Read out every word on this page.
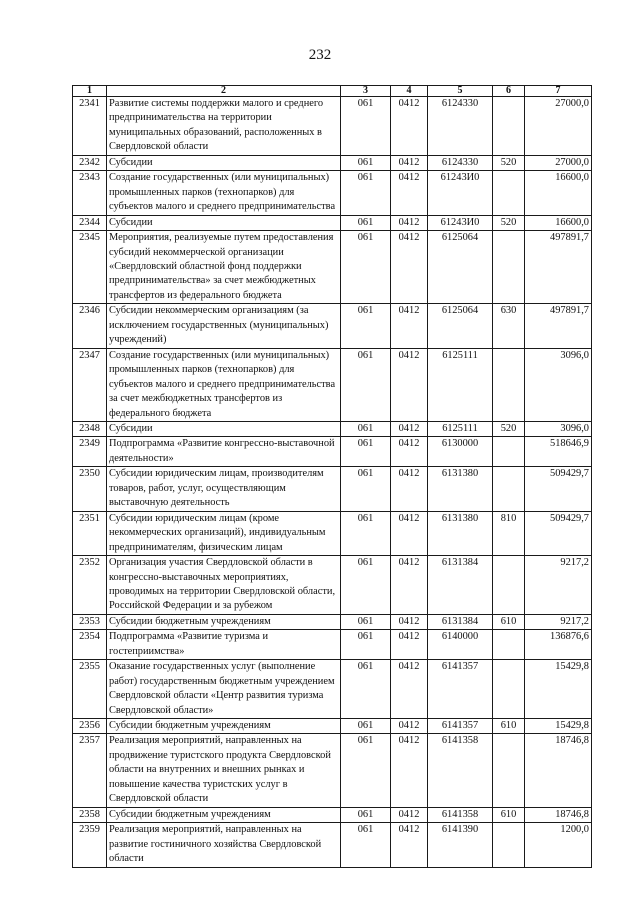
232
1	2	3	4	5	6	7
2341	Развитие системы поддержки малого и среднего предпринимательства на территории муниципальных образований, расположенных в Свердловской области	061	0412	6124330		27000,0
2342	Субсидии	061	0412	6124330	520	27000,0
2343	Создание государственных (или муниципальных) промышленных парков (технопарков) для субъектов малого и среднего предпринимательства	061	0412	61243И0		16600,0
2344	Субсидии	061	0412	61243И0	520	16600,0
2345	Мероприятия, реализуемые путем предоставления субсидий некоммерческой организации «Свердловский областной фонд поддержки предпринимательства» за счет межбюджетных трансфертов из федерального бюджета	061	0412	6125064		497891,7
2346	Субсидии некоммерческим организациям (за исключением государственных (муниципальных) учреждений)	061	0412	6125064	630	497891,7
2347	Создание государственных (или муниципальных) промышленных парков (технопарков) для субъектов малого и среднего предпринимательства за счет межбюджетных трансфертов из федерального бюджета	061	0412	6125111		3096,0
2348	Субсидии	061	0412	6125111	520	3096,0
2349	Подпрограмма «Развитие конгрессно-выставочной деятельности»	061	0412	6130000		518646,9
2350	Субсидии юридическим лицам, производителям товаров, работ, услуг, осуществляющим выставочную деятельность	061	0412	6131380		509429,7
2351	Субсидии юридическим лицам (кроме некоммерческих организаций), индивидуальным предпринимателям, физическим лицам	061	0412	6131380	810	509429,7
2352	Организация участия Свердловской области в конгрессно-выставочных мероприятиях, проводимых на территории Свердловской области, Российской Федерации и за рубежом	061	0412	6131384		9217,2
2353	Субсидии бюджетным учреждениям	061	0412	6131384	610	9217,2
2354	Подпрограмма «Развитие туризма и гостеприимства»	061	0412	6140000		136876,6
2355	Оказание государственных услуг (выполнение работ) государственным бюджетным учреждением Свердловской области «Центр развития туризма Свердловской области»	061	0412	6141357		15429,8
2356	Субсидии бюджетным учреждениям	061	0412	6141357	610	15429,8
2357	Реализация мероприятий, направленных на продвижение туристского продукта Свердловской области на внутренних и внешних рынках и повышение качества туристских услуг в Свердловской области	061	0412	6141358		18746,8
2358	Субсидии бюджетным учреждениям	061	0412	6141358	610	18746,8
2359	Реализация мероприятий, направленных на развитие гостиничного хозяйства Свердловской области	061	0412	6141390		1200,0
